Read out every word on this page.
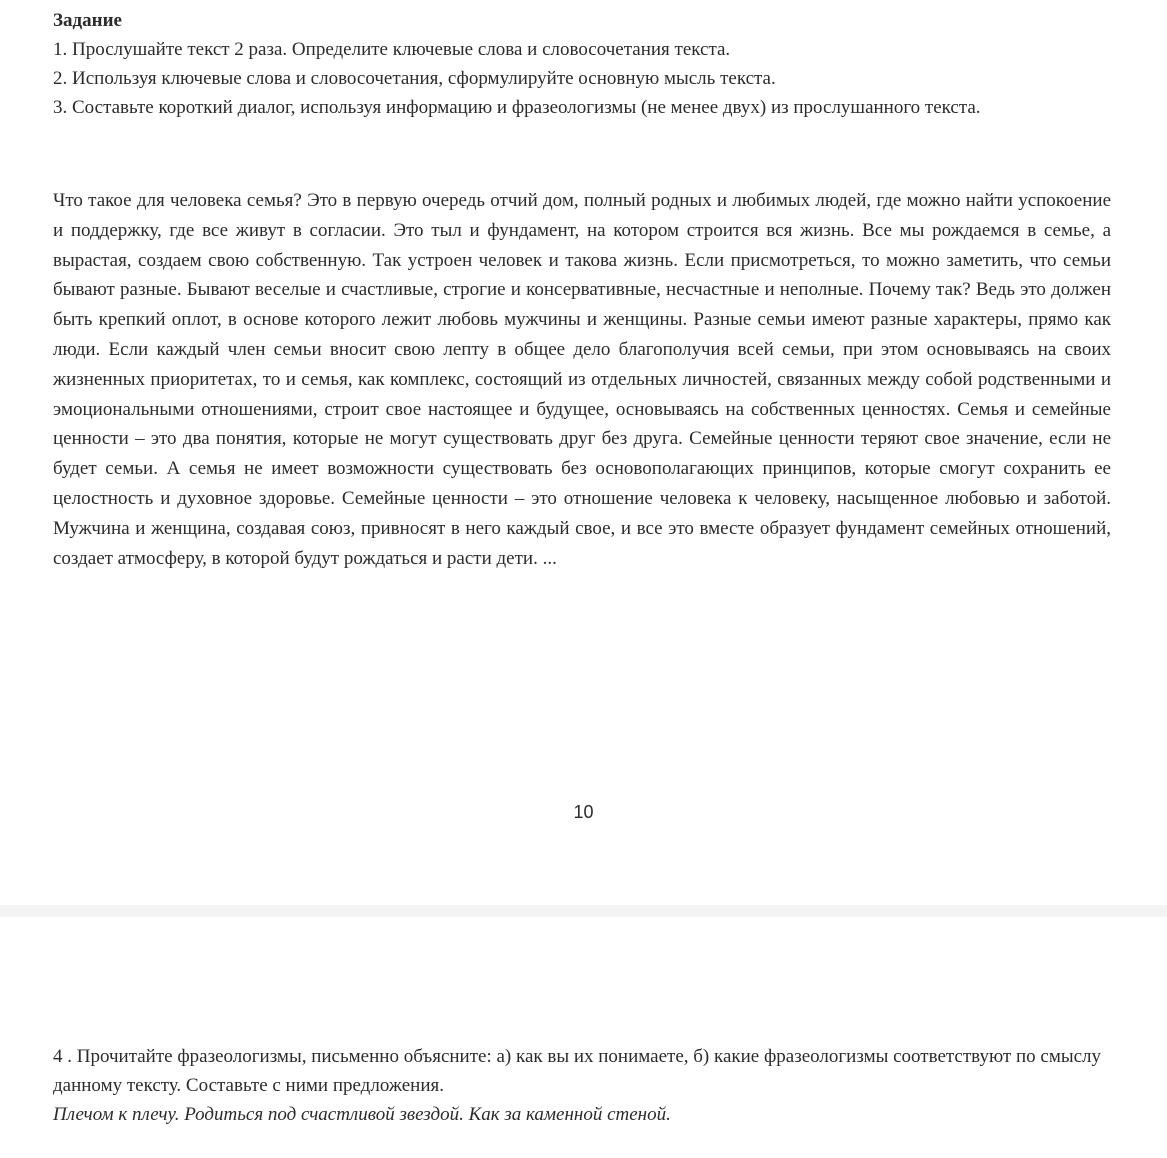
Задание

1. Прослушайте текст 2 раза. Определите ключевые слова и словосочетания текста.

2. Используя ключевые слова и словосочетания, сформулируйте основную мысль текста.

3. Составьте короткий диалог, используя информацию и фразеологизмы (не менее двух) из прослушанного текста.

Что такое для человека семья? Это в первую очередь отчий дом, полный родных и любимых людей, где можно найти успокоение и поддержку, где все живут в согласии. Это тыл и фундамент, на котором строится вся жизнь. Все мы рождаемся в семье, а вырастая, создаем свою собственную. Так устроен человек и такова жизнь. Если присмотреться, то можно заметить, что семьи бывают разные. Бывают веселые и счастливые, строгие и консервативные, несчастные и неполные. Почему так? Ведь это должен быть крепкий оплот, в основе которого лежит любовь мужчины и женщины. Разные семьи имеют разные характеры, прямо как люди. Если каждый член семьи вносит свою лепту в общее дело благополучия всей семьи, при этом основываясь на своих жизненных приоритетах, то и семья, как комплекс, состоящий из отдельных личностей, связанных между собой родственными и эмоциональными отношениями, строит свое настоящее и будущее, основываясь на собственных ценностях. Семья и семейные ценности – это два понятия, которые не могут существовать друг без друга. Семейные ценности теряют свое значение, если не будет семьи. А семья не имеет возможности существовать без основополагающих принципов, которые смогут сохранить ее целостность и духовное здоровье. Семейные ценности – это отношение человека к человеку, насыщенное любовью и заботой. Мужчина и женщина, создавая союз, привносят в него каждый свое, и все это вместе образует фундамент семейных отношений, создает атмосферу, в которой будут рождаться и расти дети. ...

10

4 . Прочитайте фразеологизмы, письменно объясните: а) как вы их понимаете, б) какие фразеологизмы соответствуют по смыслу данному тексту. Составьте с ними предложения.

Плечом к плечу. Родиться под счастливой звездой. Как за каменной стеной.
